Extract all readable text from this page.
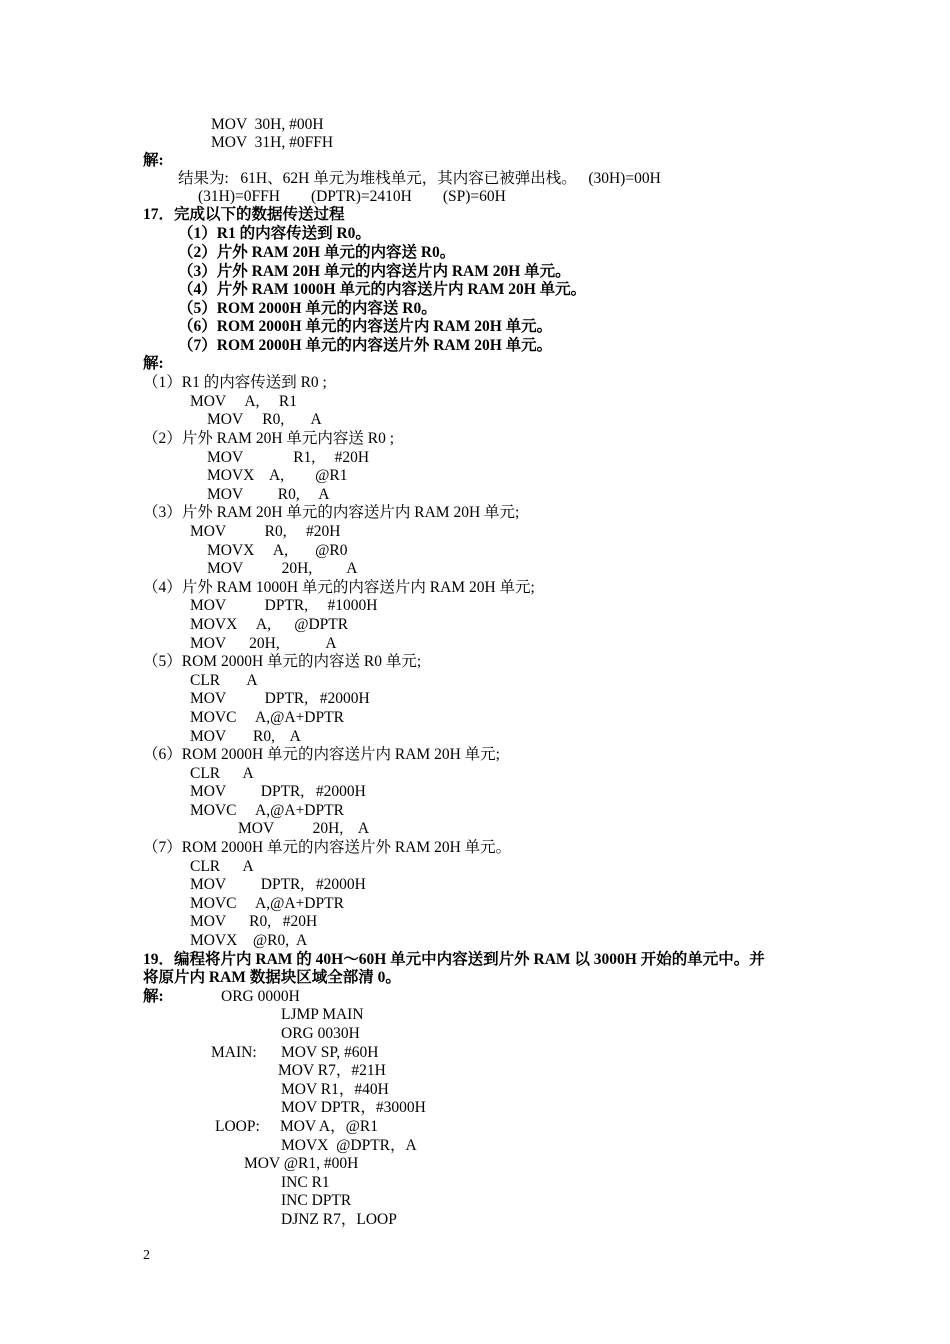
MOV  30H, #00H
MOV  31H, #0FFH
解:
结果为:   61H、62H 单元为堆栈单元，其内容已被弹出栈。   (30H)=00H
(31H)=0FFH        (DPTR)=2410H        (SP)=60H
17．完成以下的数据传送过程
（1）R1 的内容传送到 R0。
（2）片外 RAM 20H 单元的内容送 R0。
（3）片外 RAM 20H 单元的内容送片内 RAM 20H 单元。
（4）片外 RAM 1000H 单元的内容送片内 RAM 20H 单元。
（5）ROM 2000H 单元的内容送 R0。
（6）ROM 2000H 单元的内容送片内 RAM 20H 单元。
（7）ROM 2000H 单元的内容送片外 RAM 20H 单元。
解:
（1）R1 的内容传送到 R0 ;
MOV     A,     R1
MOV     R0,       A
（2）片外 RAM 20H 单元内容送 R0 ;
MOV             R1,     #20H
MOVX    A,        @R1
MOV         R0,     A
（3）片外 RAM 20H 单元的内容送片内 RAM 20H 单元;
MOV          R0,     #20H
MOVX     A,       @R0
MOV          20H,         A
（4）片外 RAM 1000H 单元的内容送片内 RAM 20H 单元;
MOV          DPTR,     #1000H
MOVX     A,      @DPTR
MOV      20H,            A
（5）ROM 2000H 单元的内容送 R0 单元;
CLR       A
MOV          DPTR,   #2000H
MOVC     A,@A+DPTR
MOV       R0,    A
（6）ROM 2000H 单元的内容送片内 RAM 20H 单元;
CLR      A
MOV         DPTR,   #2000H
MOVC     A,@A+DPTR
MOV          20H,    A
（7）ROM 2000H 单元的内容送片外 RAM 20H 单元。
CLR      A
MOV         DPTR,   #2000H
MOVC     A,@A+DPTR
MOV      R0,   #20H
MOVX    @R0,  A
19．编程将片内 RAM 的 40H～60H 单元中内容送到片外 RAM 以 3000H 开始的单元中。并
将原片内 RAM 数据块区域全部清 0。
解:	ORG 0000H
LJMP MAIN
ORG 0030H
MAIN: MOV SP, #60H
MOV R7，#21H
MOV R1，#40H
MOV DPTR，#3000H
LOOP: MOV A，@R1
MOVX  @DPTR，A
MOV @R1, #00H
INC R1
INC DPTR
DJNZ R7，LOOP
2
